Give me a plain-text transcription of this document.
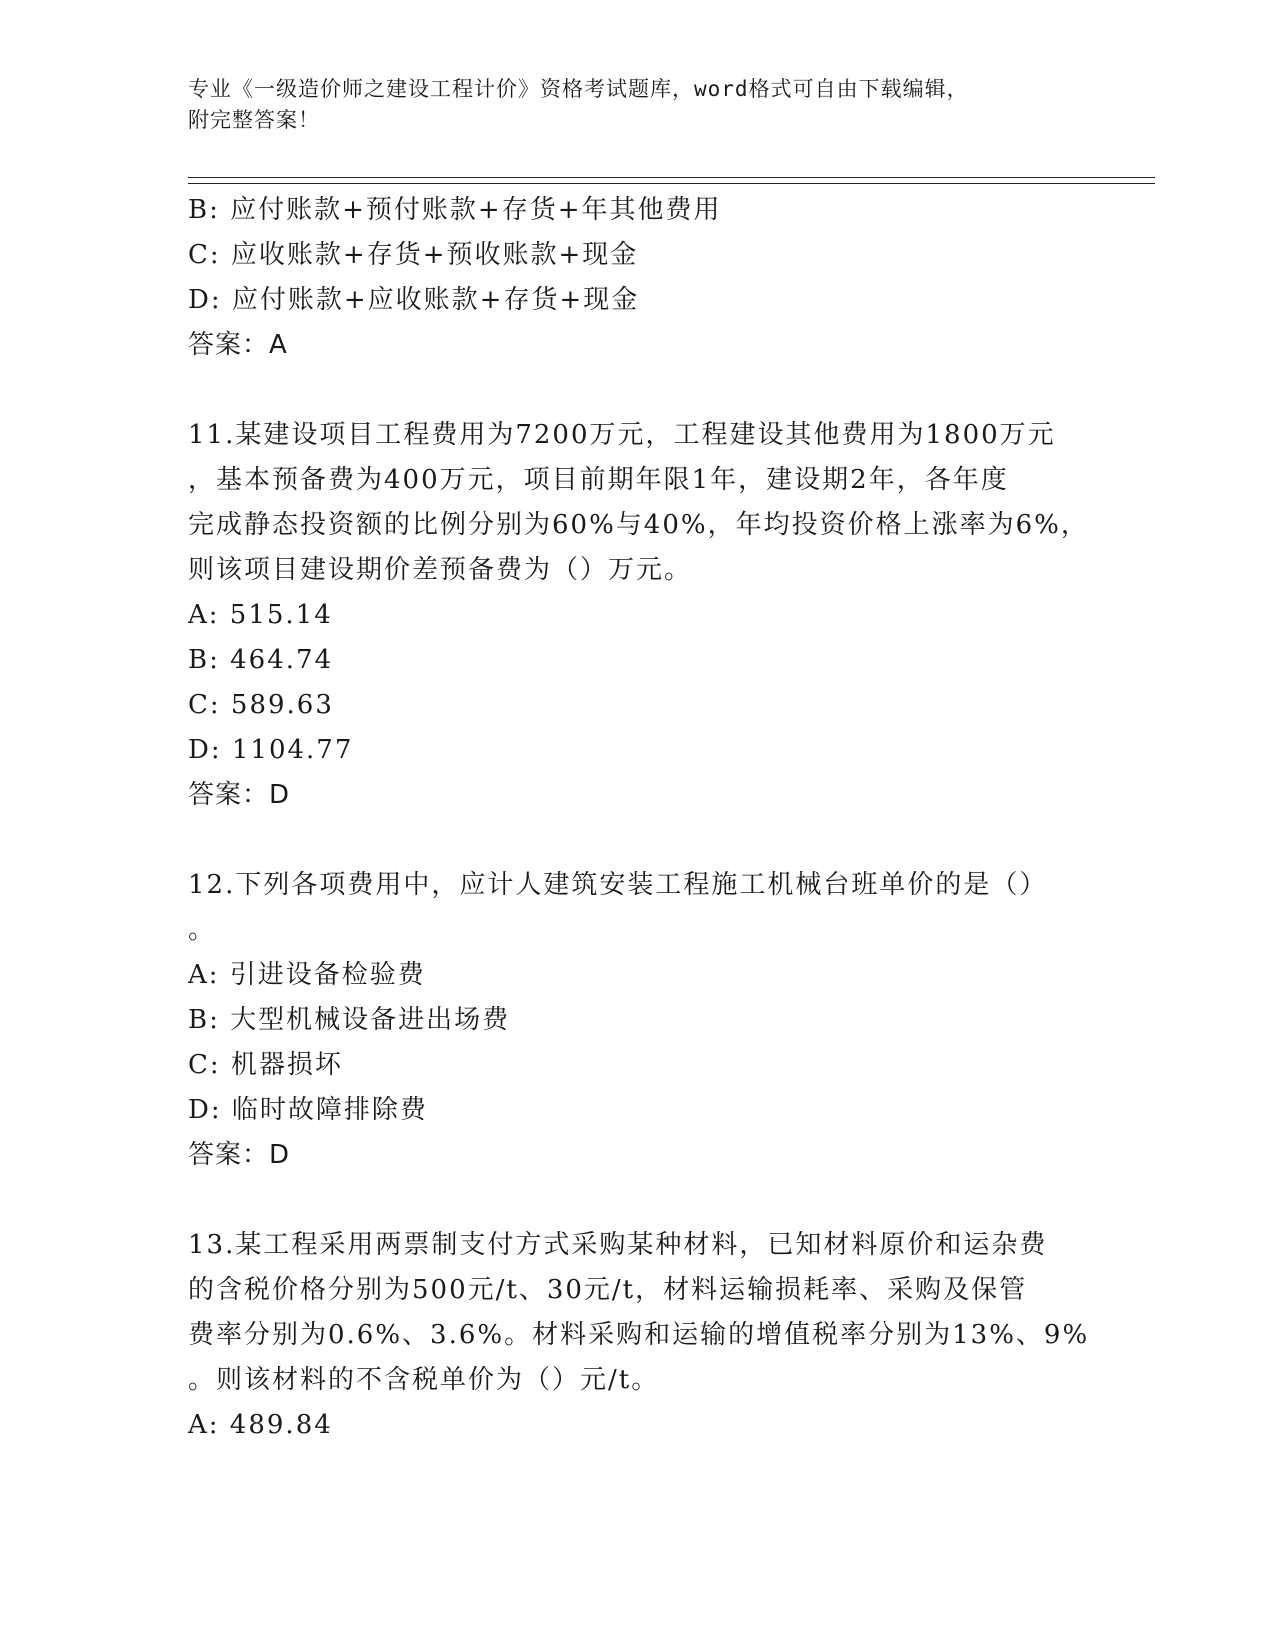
专业《一级造价师之建设工程计价》资格考试题库，word格式可自由下载编辑，
附完整答案！
B: 应付账款+预付账款+存货+年其他费用
C: 应收账款+存货+预收账款+现金
D: 应付账款+应收账款+存货+现金
答案：A
11.某建设项目工程费用为7200万元，工程建设其他费用为1800万元
，基本预备费为400万元，项目前期年限1年，建设期2年，各年度
完成静态投资额的比例分别为60%与40%，年均投资价格上涨率为6%，
则该项目建设期价差预备费为（）万元。
A: 515.14
B: 464.74
C: 589.63
D: 1104.77
答案：D
12.下列各项费用中，应计人建筑安装工程施工机械台班单价的是（）
。
A: 引进设备检验费
B: 大型机械设备进出场费
C: 机器损坏
D: 临时故障排除费
答案：D
13.某工程采用两票制支付方式采购某种材料，已知材料原价和运杂费
的含税价格分别为500元/t、30元/t，材料运输损耗率、采购及保管
费率分别为0.6%、3.6%。材料采购和运输的增值税率分别为13%、9%
。则该材料的不含税单价为（）元/t。
A: 489.84
